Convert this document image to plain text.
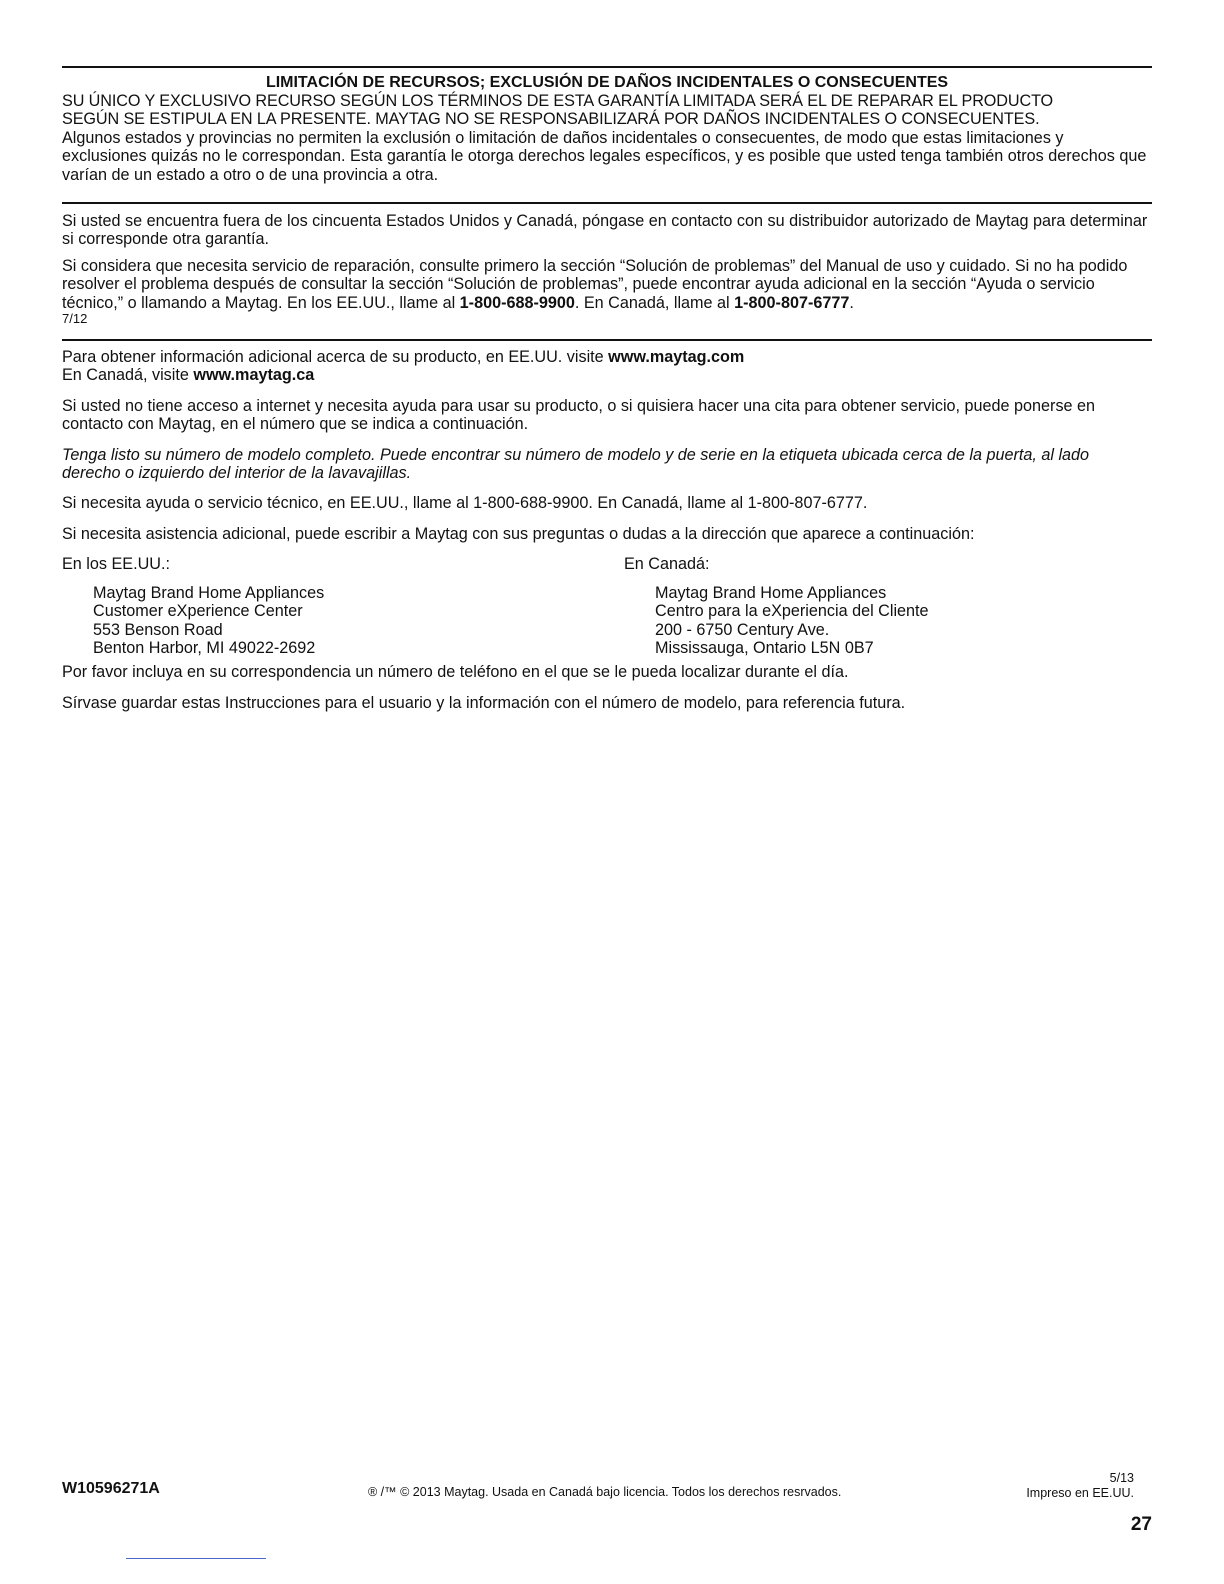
LIMITACIÓN DE RECURSOS; EXCLUSIÓN DE DAÑOS INCIDENTALES O CONSECUENTES

SU ÚNICO Y EXCLUSIVO RECURSO SEGÚN LOS TÉRMINOS DE ESTA GARANTÍA LIMITADA SERÁ EL DE REPARAR EL PRODUCTO

SEGÚN SE ESTIPULA EN LA PRESENTE. MAYTAG NO SE RESPONSABILIZARÁ POR DAÑOS INCIDENTALES O CONSECUENTES.

Algunos estados y provincias no permiten la exclusión o limitación de daños incidentales o consecuentes, de modo que estas limitaciones y exclusiones quizás no le correspondan. Esta garantía le otorga derechos legales específicos, y es posible que usted tenga también otros derechos que varían de un estado a otro o de una provincia a otra.

Si usted se encuentra fuera de los cincuenta Estados Unidos y Canadá, póngase en contacto con su distribuidor autorizado de Maytag para determinar si corresponde otra garantía.

Si considera que necesita servicio de reparación, consulte primero la sección “Solución de problemas” del Manual de uso y cuidado. Si no ha podido resolver el problema después de consultar la sección “Solución de problemas”, puede encontrar ayuda adicional en la sección “Ayuda o servicio técnico,” o llamando a Maytag. En los EE.UU., llame al 1-800-688-9900. En Canadá, llame al 1-800-807-6777.

7/12

Para obtener información adicional acerca de su producto, en EE.UU. visite www.maytag.com

En Canadá, visite www.maytag.ca

Si usted no tiene acceso a internet y necesita ayuda para usar su producto, o si quisiera hacer una cita para obtener servicio, puede ponerse en contacto con Maytag, en el número que se indica a continuación.

Tenga listo su número de modelo completo. Puede encontrar su número de modelo y de serie en la etiqueta ubicada cerca de la puerta, al lado derecho o izquierdo del interior de la lavavajillas.

Si necesita ayuda o servicio técnico, en EE.UU., llame al 1-800-688-9900. En Canadá, llame al 1-800-807-6777.

Si necesita asistencia adicional, puede escribir a Maytag con sus preguntas o dudas a la dirección que aparece a continuación:

En los EE.UU.:
Maytag Brand Home Appliances
Customer eXperience Center
553 Benson Road
Benton Harbor, MI 49022-2692
En Canadá:
Maytag Brand Home Appliances
Centro para la eXperiencia del Cliente
200 - 6750 Century Ave.
Mississauga, Ontario L5N 0B7

Por favor incluya en su correspondencia un número de teléfono en el que se le pueda localizar durante el día.

Sírvase guardar estas Instrucciones para el usuario y la información con el número de modelo, para referencia futura.

W10596271A	® /™ © 2013 Maytag. Usada en Canadá bajo licencia. Todos los derechos resrvados.
5/13
Impreso en EE.UU.
27
